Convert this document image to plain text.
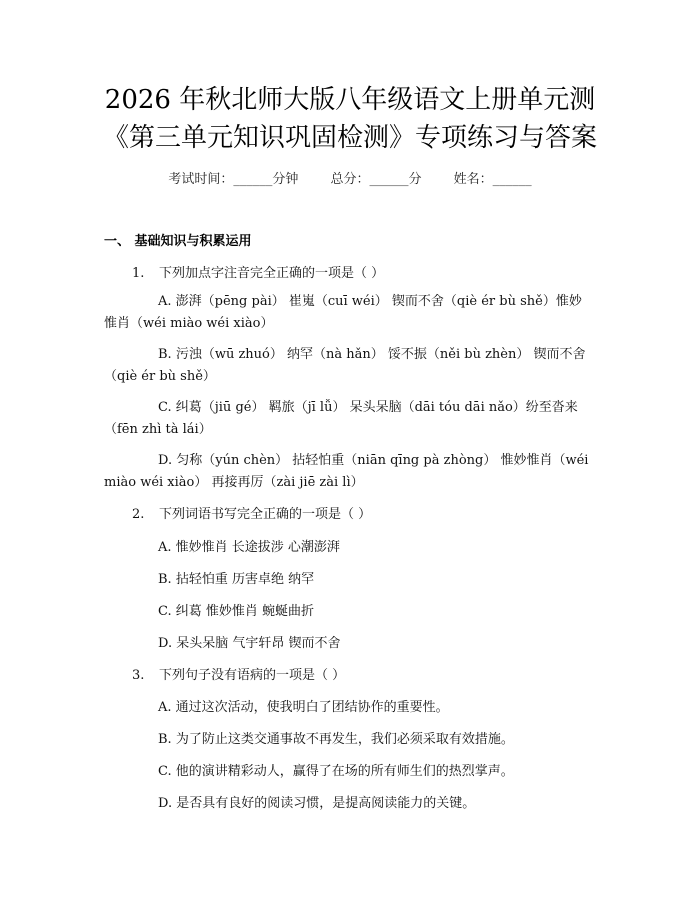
2026 年秋北师大版八年级语文上册单元测
《第三单元知识巩固检测》专项练习与答案
考试时间：______分钟 总分：______分 姓名：______
一、 基础知识与积累运用
1. 下列加点字注音完全正确的一项是（ ）
A. 澎湃（pēng pài） 崔嵬（cuī wéi） 锲而不舍（qiè ér bù shě）惟妙惟肖（wéi miào wéi xiào）
B. 污浊（wū zhuó） 纳罕（nà hǎn） 馁不振（něi bù zhèn） 锲而不舍（qiè ér bù shě）
C. 纠葛（jiū gé） 羁旅（jī lǚ） 呆头呆脑（dāi tóu dāi nǎo）纷至沓来（fēn zhì tà lái）
D. 匀称（yún chèn） 拈轻怕重（niān qīng pà zhòng） 惟妙惟肖（wéi miào wéi xiào） 再接再厉（zài jiē zài lì）
2. 下列词语书写完全正确的一项是（ ）
A. 惟妙惟肖 长途拔涉 心潮澎湃
B. 拈轻怕重 历害卓绝 纳罕
C. 纠葛 惟妙惟肖 蜿蜒曲折
D. 呆头呆脑 气宇轩昂 锲而不舍
3. 下列句子没有语病的一项是（ ）
A. 通过这次活动，使我明白了团结协作的重要性。
B. 为了防止这类交通事故不再发生，我们必须采取有效措施。
C. 他的演讲精彩动人，赢得了在场的所有师生们的热烈掌声。
D. 是否具有良好的阅读习惯，是提高阅读能力的关键。
